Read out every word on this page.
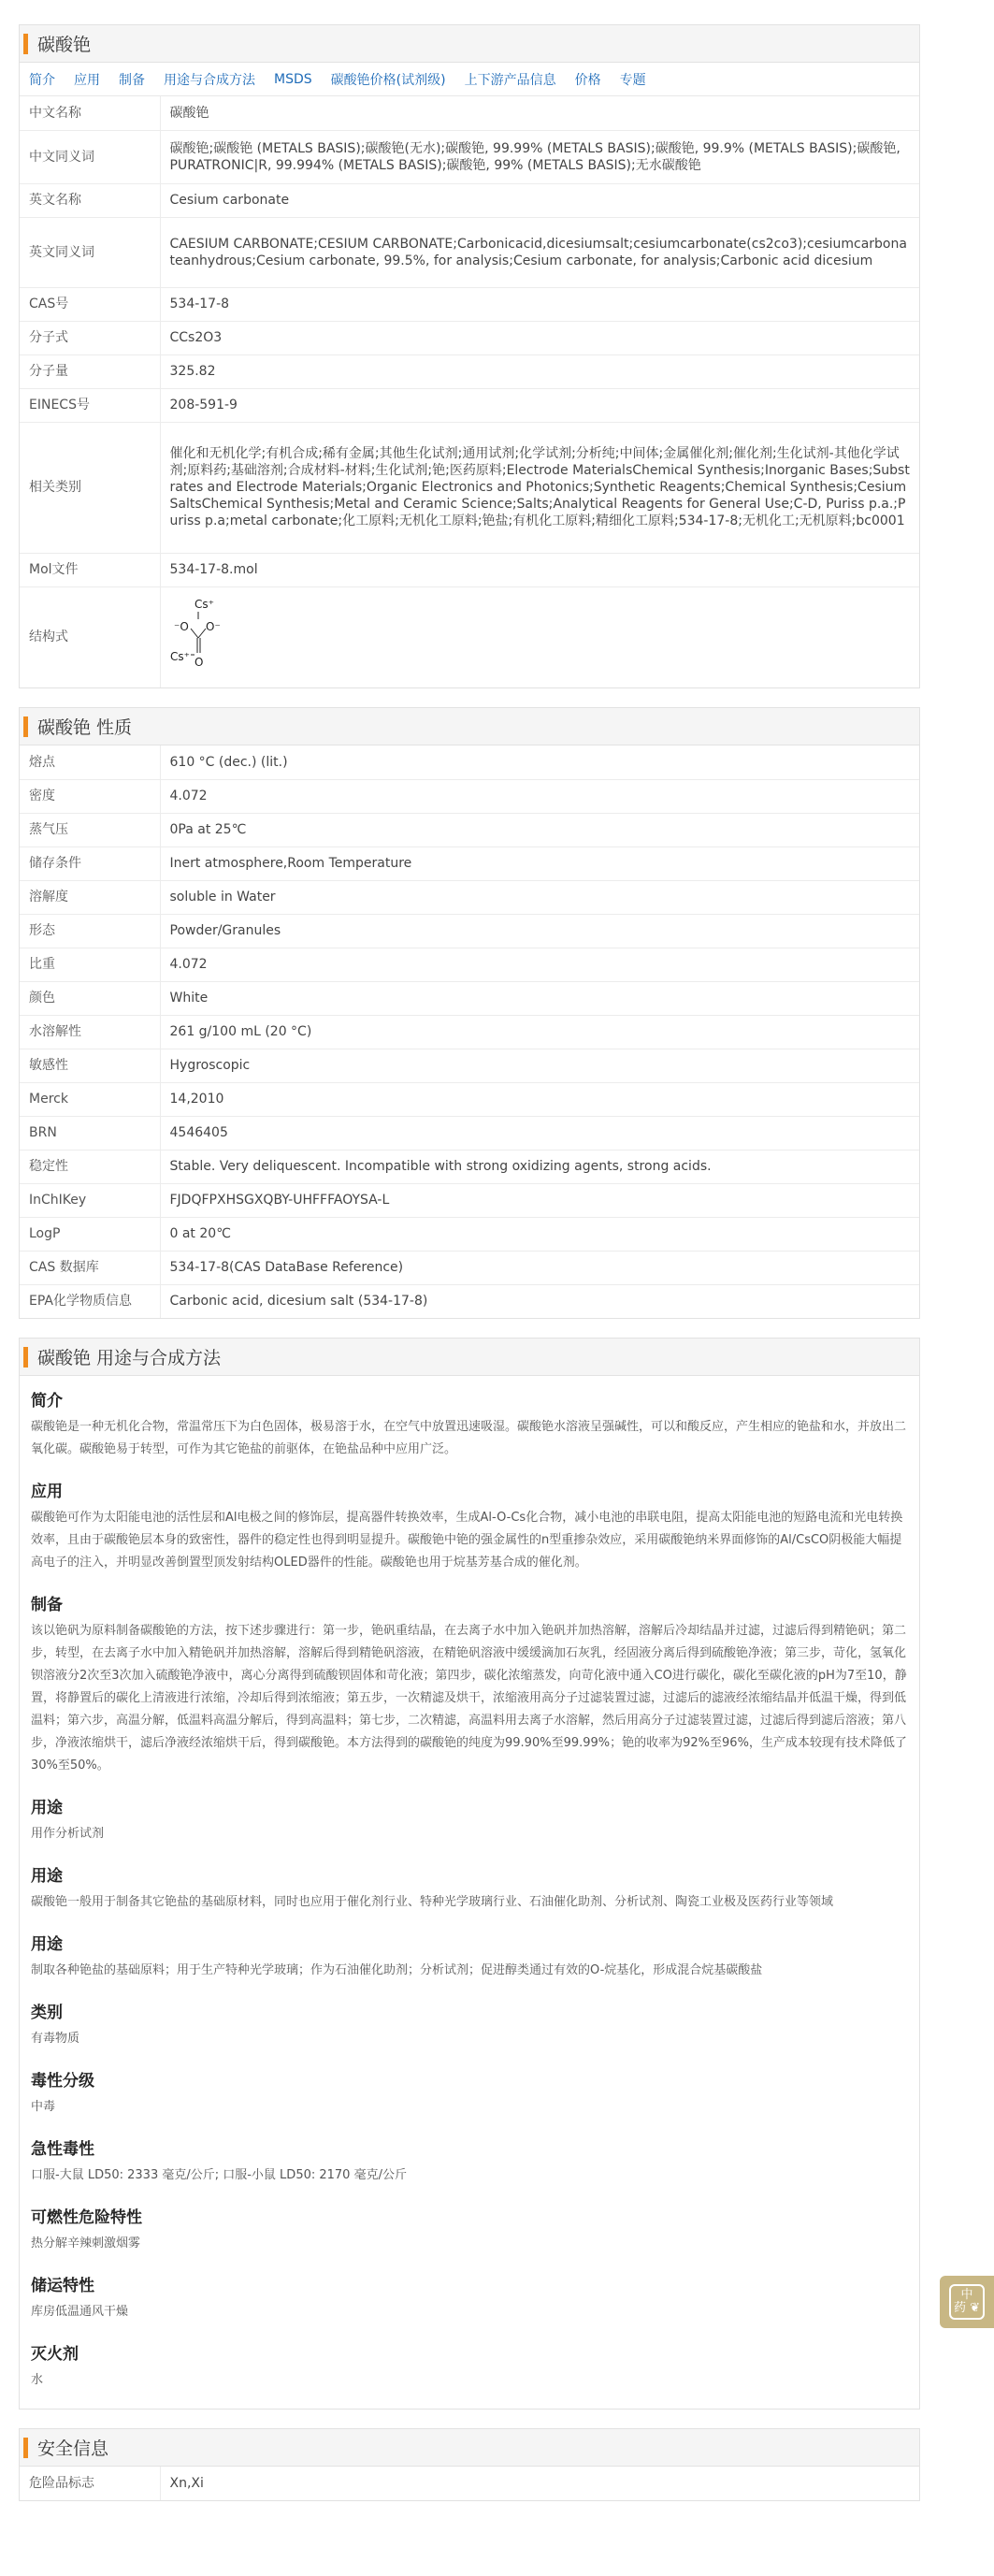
碳酸铯
简介 应用 制备 用途与合成方法 MSDS 碳酸铯价格(试剂级) 上下游产品信息 价格 专题
中文名称	碳酸铯
中文同义词	碳酸铯;碳酸铯 (METALS BASIS);碳酸铯(无水);碳酸铯, 99.99% (METALS BASIS);碳酸铯, 99.9% (METALS BASIS);碳酸铯, PURATRONIC|R, 99.994% (METALS BASIS);碳酸铯, 99% (METALS BASIS);无水碳酸铯
英文名称	Cesium carbonate
英文同义词	CAESIUM CARBONATE;CESIUM CARBONATE;Carbonicacid,dicesiumsalt;cesiumcarbonate(cs2co3);cesiumcarbonateanhydrous;Cesium carbonate, 99.5%, for analysis;Cesium carbonate, for analysis;Carbonic acid dicesium
CAS号	534-17-8
分子式	CCs2O3
分子量	325.82
EINECS号	208-591-9
相关类别	催化和无机化学;有机合成;稀有金属;其他生化试剂;通用试剂;化学试剂;分析纯;中间体;金属催化剂;催化剂;生化试剂-其他化学试剂;原料药;基础溶剂;合成材料-材料;生化试剂;铯;医药原料;Electrode MaterialsChemical Synthesis;Inorganic Bases;Substrates and Electrode Materials;Organic Electronics and Photonics;Synthetic Reagents;Chemical Synthesis;Cesium SaltsChemical Synthesis;Metal and Ceramic Science;Salts;Analytical Reagents for General Use;C-D, Puriss p.a.;Puriss p.a;metal carbonate;化工原料;无机化工原料;铯盐;有机化工原料;精细化工原料;534-17-8;无机化工;无机原料;bc0001
Mol文件	534-17-8.mol
结构式	Cs⁺
⁻O O⁻
Cs⁺ O
碳酸铯 性质
熔点	610 °C (dec.) (lit.)
密度	4.072
蒸气压	0Pa at 25℃
储存条件	Inert atmosphere,Room Temperature
溶解度	soluble in Water
形态	Powder/Granules
比重	4.072
颜色	White
水溶解性	261 g/100 mL (20 °C)
敏感性	Hygroscopic
Merck	14,2010
BRN	4546405
稳定性	Stable. Very deliquescent. Incompatible with strong oxidizing agents, strong acids.
InChIKey	FJDQFPXHSGXQBY-UHFFFAOYSA-L
LogP	0 at 20℃
CAS 数据库	534-17-8(CAS DataBase Reference)
EPA化学物质信息	Carbonic acid, dicesium salt (534-17-8)
碳酸铯 用途与合成方法
简介

碳酸铯是一种无机化合物，常温常压下为白色固体，极易溶于水，在空气中放置迅速吸湿。碳酸铯水溶液呈强碱性，可以和酸反应，产生相应的铯盐和水，并放出二氧化碳。碳酸铯易于转型，可作为其它铯盐的前驱体，在铯盐品种中应用广泛。

应用

碳酸铯可作为太阳能电池的活性层和Al电极之间的修饰层，提高器件转换效率，生成Al-O-Cs化合物，减小电池的串联电阻，提高太阳能电池的短路电流和光电转换效率，且由于碳酸铯层本身的致密性，器件的稳定性也得到明显提升。碳酸铯中铯的强金属性的n型重掺杂效应，采用碳酸铯纳米界面修饰的Al/CsCO阴极能大幅提高电子的注入，并明显改善倒置型顶发射结构OLED器件的性能。碳酸铯也用于烷基芳基合成的催化剂。

制备

该以铯矾为原料制备碳酸铯的方法，按下述步骤进行：第一步，铯矾重结晶，在去离子水中加入铯矾并加热溶解，溶解后冷却结晶并过滤，过滤后得到精铯矾；第二步，转型，在去离子水中加入精铯矾并加热溶解，溶解后得到精铯矾溶液，在精铯矾溶液中缓缓滴加石灰乳，经固液分离后得到硫酸铯净液；第三步，苛化，氢氧化钡溶液分2次至3次加入硫酸铯净液中，离心分离得到硫酸钡固体和苛化液；第四步，碳化浓缩蒸发，向苛化液中通入CO进行碳化，碳化至碳化液的pH为7至10，静置，将静置后的碳化上清液进行浓缩，冷却后得到浓缩液；第五步，一次精滤及烘干，浓缩液用高分子过滤装置过滤，过滤后的滤液经浓缩结晶并低温干燥，得到低温料；第六步，高温分解，低温料高温分解后，得到高温料；第七步，二次精滤，高温料用去离子水溶解，然后用高分子过滤装置过滤，过滤后得到滤后溶液；第八步，净液浓缩烘干，滤后净液经浓缩烘干后，得到碳酸铯。本方法得到的碳酸铯的纯度为99.90%至99.99%；铯的收率为92%至96%，生产成本较现有技术降低了30%至50%。

用途

用作分析试剂

用途

碳酸铯一般用于制备其它铯盐的基础原材料，同时也应用于催化剂行业、特种光学玻璃行业、石油催化助剂、分析试剂、陶瓷工业极及医药行业等领域

用途

制取各种铯盐的基础原料；用于生产特种光学玻璃；作为石油催化助剂；分析试剂；促进醇类通过有效的O-烷基化，形成混合烷基碳酸盐

类别

有毒物质

毒性分级

中毒

急性毒性

口服-大鼠 LD50: 2333 毫克/公斤; 口服-小鼠 LD50: 2170 毫克/公斤

可燃性危险特性

热分解辛辣刺激烟雾

储运特性

库房低温通风干燥

灭火剂

水

安全信息
危险品标志	Xn,Xi
中
药 ❦
